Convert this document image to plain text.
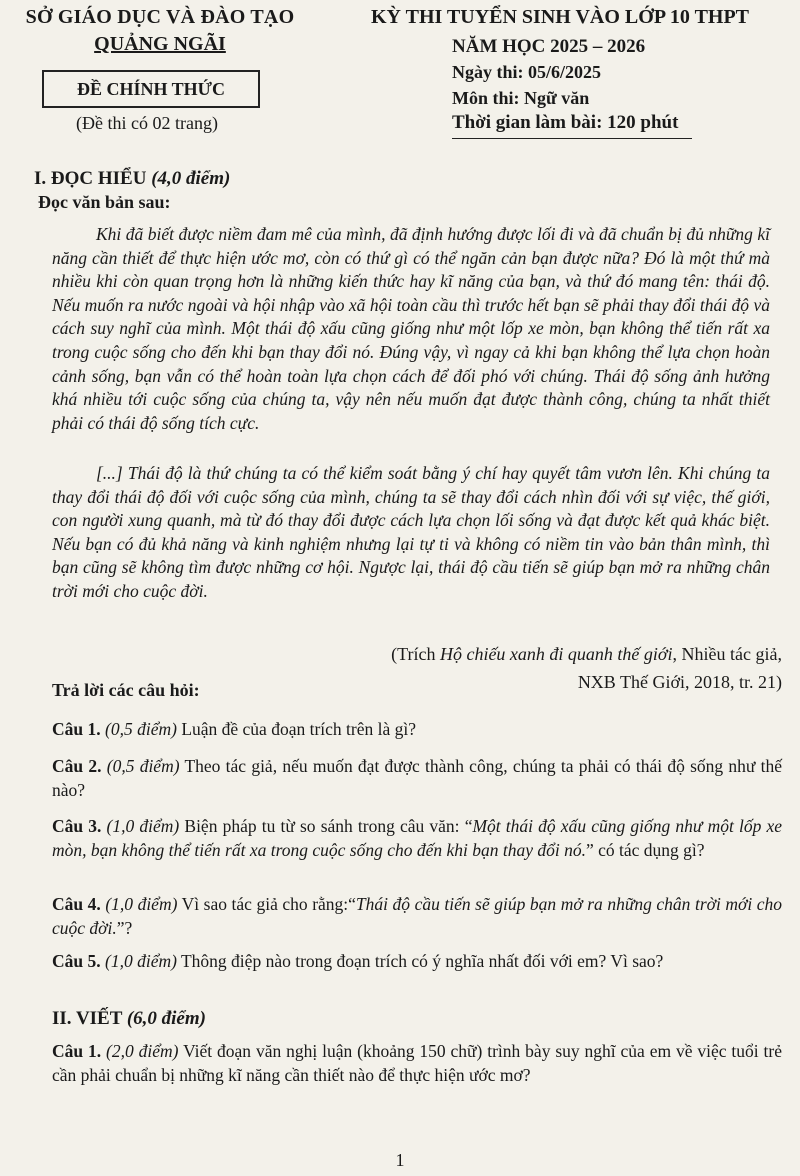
SỞ GIÁO DỤC VÀ ĐÀO TẠO
QUẢNG NGÃI
ĐỀ CHÍNH THỨC
(Đề thi có 02 trang)
KỲ THI TUYỂN SINH VÀO LỚP 10 THPT
NĂM HỌC 2025 – 2026
Ngày thi: 05/6/2025
Môn thi: Ngữ văn
Thời gian làm bài: 120 phút
I. ĐỌC HIỂU (4,0 điểm)
Đọc văn bản sau:
Khi đã biết được niềm đam mê của mình, đã định hướng được lối đi và đã chuẩn bị đủ những kĩ năng cần thiết để thực hiện ước mơ, còn có thứ gì có thể ngăn cản bạn được nữa? Đó là một thứ mà nhiều khi còn quan trọng hơn là những kiến thức hay kĩ năng của bạn, và thứ đó mang tên: thái độ. Nếu muốn ra nước ngoài và hội nhập vào xã hội toàn cầu thì trước hết bạn sẽ phải thay đổi thái độ và cách suy nghĩ của mình. Một thái độ xấu cũng giống như một lốp xe mòn, bạn không thể tiến rất xa trong cuộc sống cho đến khi bạn thay đổi nó. Đúng vậy, vì ngay cả khi bạn không thể lựa chọn hoàn cảnh sống, bạn vẫn có thể hoàn toàn lựa chọn cách để đối phó với chúng. Thái độ sống ảnh hưởng khá nhiều tới cuộc sống của chúng ta, vậy nên nếu muốn đạt được thành công, chúng ta nhất thiết phải có thái độ sống tích cực.
[...] Thái độ là thứ chúng ta có thể kiểm soát bằng ý chí hay quyết tâm vươn lên. Khi chúng ta thay đổi thái độ đối với cuộc sống của mình, chúng ta sẽ thay đổi cách nhìn đối với sự việc, thế giới, con người xung quanh, mà từ đó thay đổi được cách lựa chọn lối sống và đạt được kết quả khác biệt. Nếu bạn có đủ khả năng và kinh nghiệm nhưng lại tự ti và không có niềm tin vào bản thân mình, thì bạn cũng sẽ không tìm được những cơ hội. Ngược lại, thái độ cầu tiến sẽ giúp bạn mở ra những chân trời mới cho cuộc đời.
(Trích Hộ chiếu xanh đi quanh thế giới, Nhiều tác giả,
NXB Thế Giới, 2018, tr. 21)
Trả lời các câu hỏi:
Câu 1. (0,5 điểm) Luận đề của đoạn trích trên là gì?
Câu 2. (0,5 điểm) Theo tác giả, nếu muốn đạt được thành công, chúng ta phải có thái độ sống như thế nào?
Câu 3. (1,0 điểm) Biện pháp tu từ so sánh trong câu văn: “Một thái độ xấu cũng giống như một lốp xe mòn, bạn không thể tiến rất xa trong cuộc sống cho đến khi bạn thay đổi nó.” có tác dụng gì?
Câu 4. (1,0 điểm) Vì sao tác giả cho rằng:“Thái độ cầu tiến sẽ giúp bạn mở ra những chân trời mới cho cuộc đời.”?
Câu 5. (1,0 điểm) Thông điệp nào trong đoạn trích có ý nghĩa nhất đối với em? Vì sao?
II. VIẾT (6,0 điểm)
Câu 1. (2,0 điểm) Viết đoạn văn nghị luận (khoảng 150 chữ) trình bày suy nghĩ của em về việc tuổi trẻ cần phải chuẩn bị những kĩ năng cần thiết nào để thực hiện ước mơ?
1
